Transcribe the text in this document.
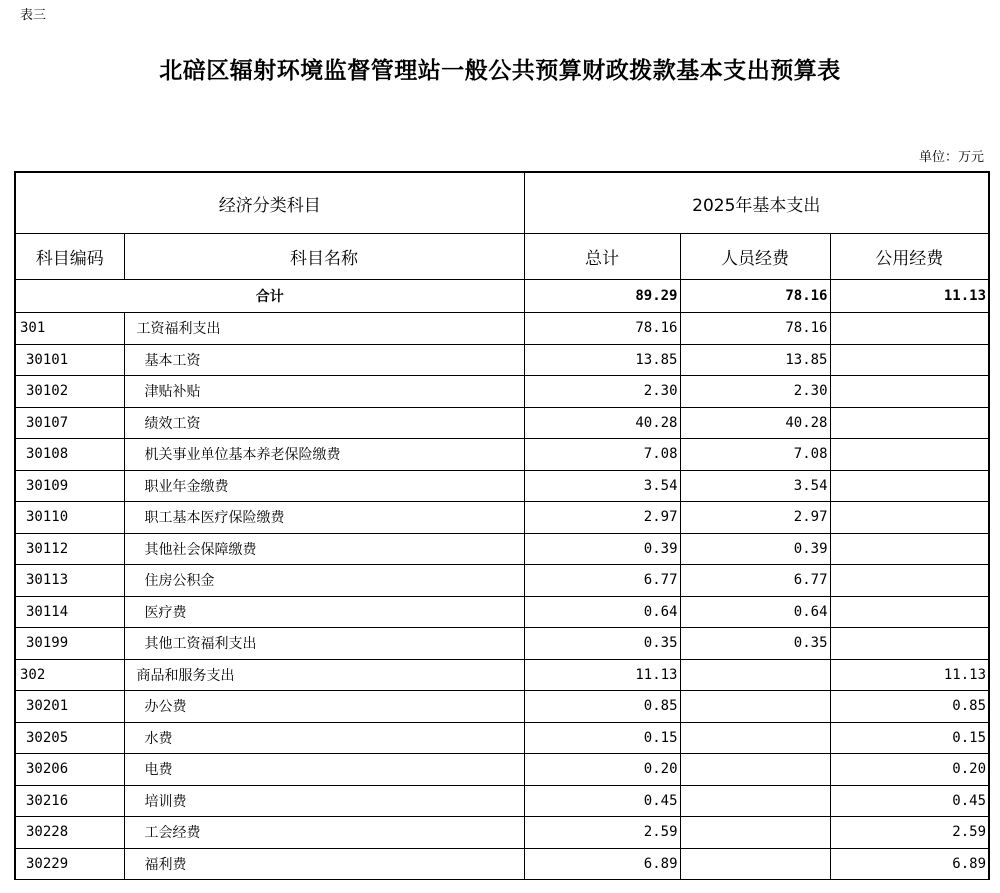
表三
北碚区辐射环境监督管理站一般公共预算财政拨款基本支出预算表
单位：万元
经济分类科目		2025年基本支出		
科目编码	科目名称	总计	人员经费	公用经费
合计		89.29	78.16	11.13
301	工资福利支出	78.16	78.16	
30101	基本工资	13.85	13.85	
30102	津贴补贴	2.30	2.30	
30107	绩效工资	40.28	40.28	
30108	机关事业单位基本养老保险缴费	7.08	7.08	
30109	职业年金缴费	3.54	3.54	
30110	职工基本医疗保险缴费	2.97	2.97	
30112	其他社会保障缴费	0.39	0.39	
30113	住房公积金	6.77	6.77	
30114	医疗费	0.64	0.64	
30199	其他工资福利支出	0.35	0.35	
302	商品和服务支出	11.13		11.13
30201	办公费	0.85		0.85
30205	水费	0.15		0.15
30206	电费	0.20		0.20
30216	培训费	0.45		0.45
30228	工会经费	2.59		2.59
30229	福利费	6.89		6.89
